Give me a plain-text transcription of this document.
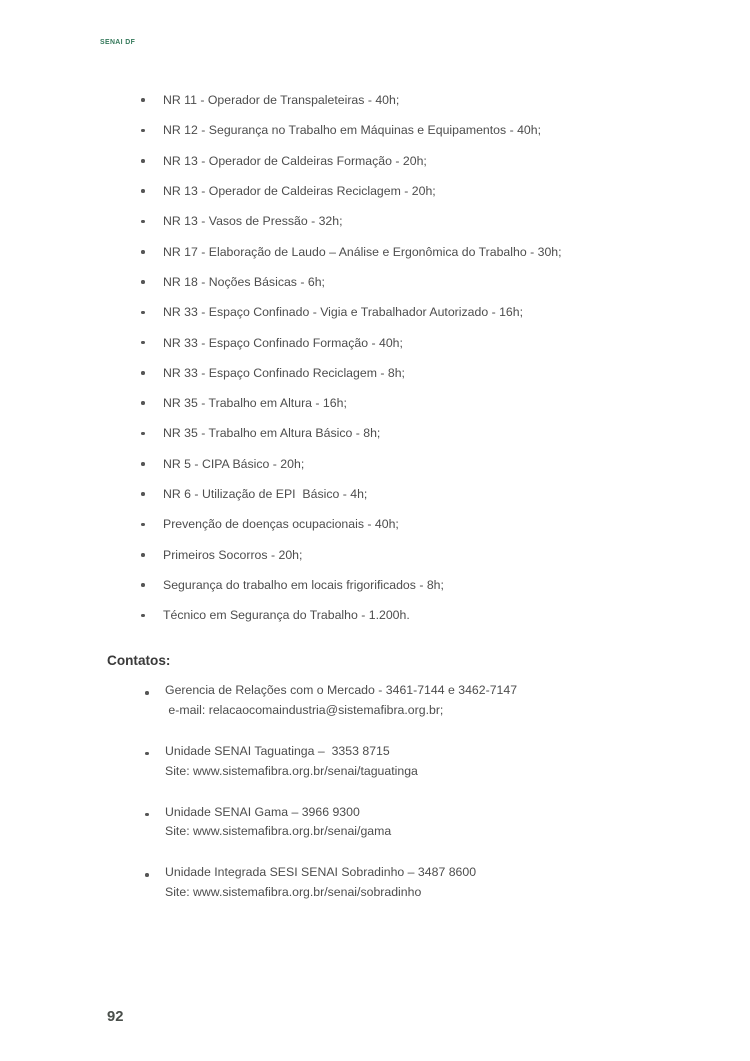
SENAI DF
NR 11 - Operador de Transpaleteiras - 40h;
NR 12 - Segurança no Trabalho em Máquinas e Equipamentos - 40h;
NR 13 - Operador de Caldeiras Formação - 20h;
NR 13 - Operador de Caldeiras Reciclagem - 20h;
NR 13 - Vasos de Pressão - 32h;
NR 17 - Elaboração de Laudo – Análise e Ergonômica do Trabalho - 30h;
NR 18 - Noções Básicas - 6h;
NR 33 - Espaço Confinado - Vigia e Trabalhador Autorizado - 16h;
NR 33 - Espaço Confinado Formação - 40h;
NR 33 - Espaço Confinado Reciclagem - 8h;
NR 35 - Trabalho em Altura - 16h;
NR 35 - Trabalho em Altura Básico - 8h;
NR 5 - CIPA Básico - 20h;
NR 6 - Utilização de EPI  Básico - 4h;
Prevenção de doenças ocupacionais - 40h;
Primeiros Socorros - 20h;
Segurança do trabalho em locais frigorificados - 8h;
Técnico em Segurança do Trabalho - 1.200h.
Contatos:
Gerencia de Relações com o Mercado - 3461-7144 e 3462-7147
e-mail: relacaocomaindustria@sistemafibra.org.br;
Unidade SENAI Taguatinga –  3353 8715
Site: www.sistemafibra.org.br/senai/taguatinga
Unidade SENAI Gama – 3966 9300
Site: www.sistemafibra.org.br/senai/gama
Unidade Integrada SESI SENAI Sobradinho – 3487 8600
Site: www.sistemafibra.org.br/senai/sobradinho
92
